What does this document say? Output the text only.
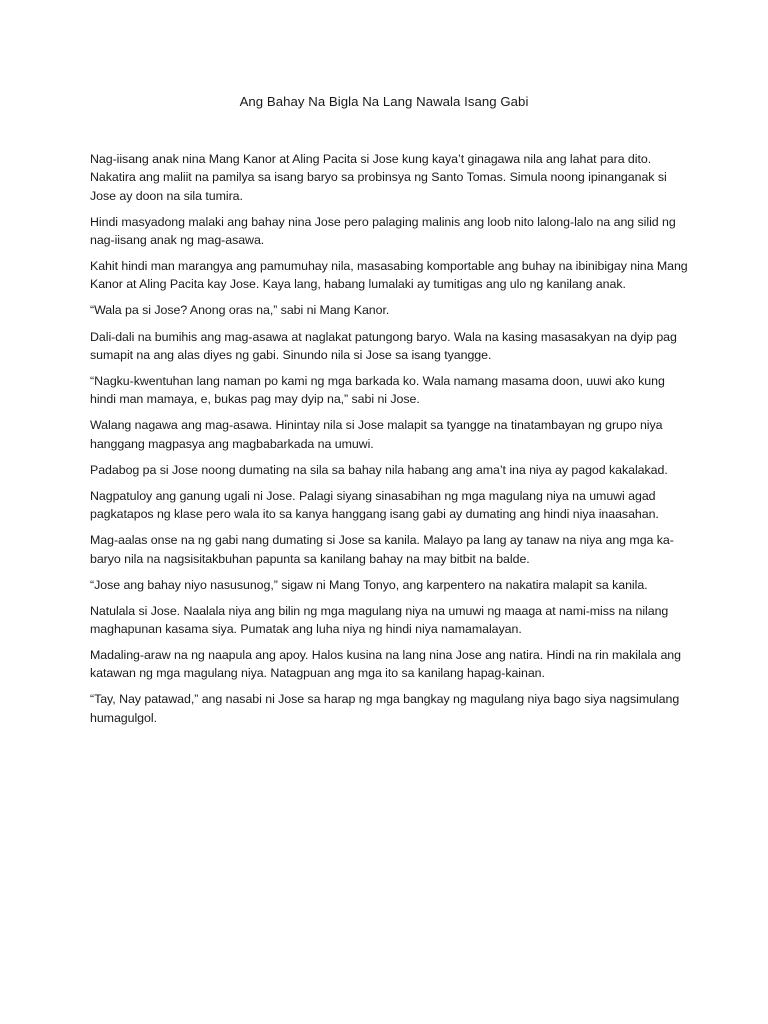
Ang Bahay Na Bigla Na Lang Nawala Isang Gabi

Nag-iisang anak nina Mang Kanor at Aling Pacita si Jose kung kaya’t ginagawa nila ang lahat para dito. Nakatira ang maliit na pamilya sa isang baryo sa probinsya ng Santo Tomas. Simula noong ipinanganak si Jose ay doon na sila tumira.

Hindi masyadong malaki ang bahay nina Jose pero palaging malinis ang loob nito lalong-lalo na ang silid ng nag-iisang anak ng mag-asawa.

Kahit hindi man marangya ang pamumuhay nila, masasabing komportable ang buhay na ibinibigay nina Mang Kanor at Aling Pacita kay Jose. Kaya lang, habang lumalaki ay tumitigas ang ulo ng kanilang anak.

“Wala pa si Jose? Anong oras na,” sabi ni Mang Kanor.

Dali-dali na bumihis ang mag-asawa at naglakat patungong baryo. Wala na kasing masasakyan na dyip pag sumapit na ang alas diyes ng gabi. Sinundo nila si Jose sa isang tyangge.

“Nagku-kwentuhan lang naman po kami ng mga barkada ko. Wala namang masama doon, uuwi ako kung hindi man mamaya, e, bukas pag may dyip na,” sabi ni Jose.

Walang nagawa ang mag-asawa. Hinintay nila si Jose malapit sa tyangge na tinatambayan ng grupo niya hanggang magpasya ang magbabarkada na umuwi.

Padabog pa si Jose noong dumating na sila sa bahay nila habang ang ama’t ina niya ay pagod kakalakad.

Nagpatuloy ang ganung ugali ni Jose. Palagi siyang sinasabihan ng mga magulang niya na umuwi agad pagkatapos ng klase pero wala ito sa kanya hanggang isang gabi ay dumating ang hindi niya inaasahan.

Mag-aalas onse na ng gabi nang dumating si Jose sa kanila. Malayo pa lang ay tanaw na niya ang mga ka-baryo nila na nagsisitakbuhan papunta sa kanilang bahay na may bitbit na balde.

“Jose ang bahay niyo nasusunog,” sigaw ni Mang Tonyo, ang karpentero na nakatira malapit sa kanila.

Natulala si Jose. Naalala niya ang bilin ng mga magulang niya na umuwi ng maaga at nami-miss na nilang maghapunan kasama siya. Pumatak ang luha niya ng hindi niya namamalayan.

Madaling-araw na ng naapula ang apoy. Halos kusina na lang nina Jose ang natira. Hindi na rin makilala ang katawan ng mga magulang niya. Natagpuan ang mga ito sa kanilang hapag-kainan.

“Tay, Nay patawad,” ang nasabi ni Jose sa harap ng mga bangkay ng magulang niya bago siya nagsimulang humagulgol.
